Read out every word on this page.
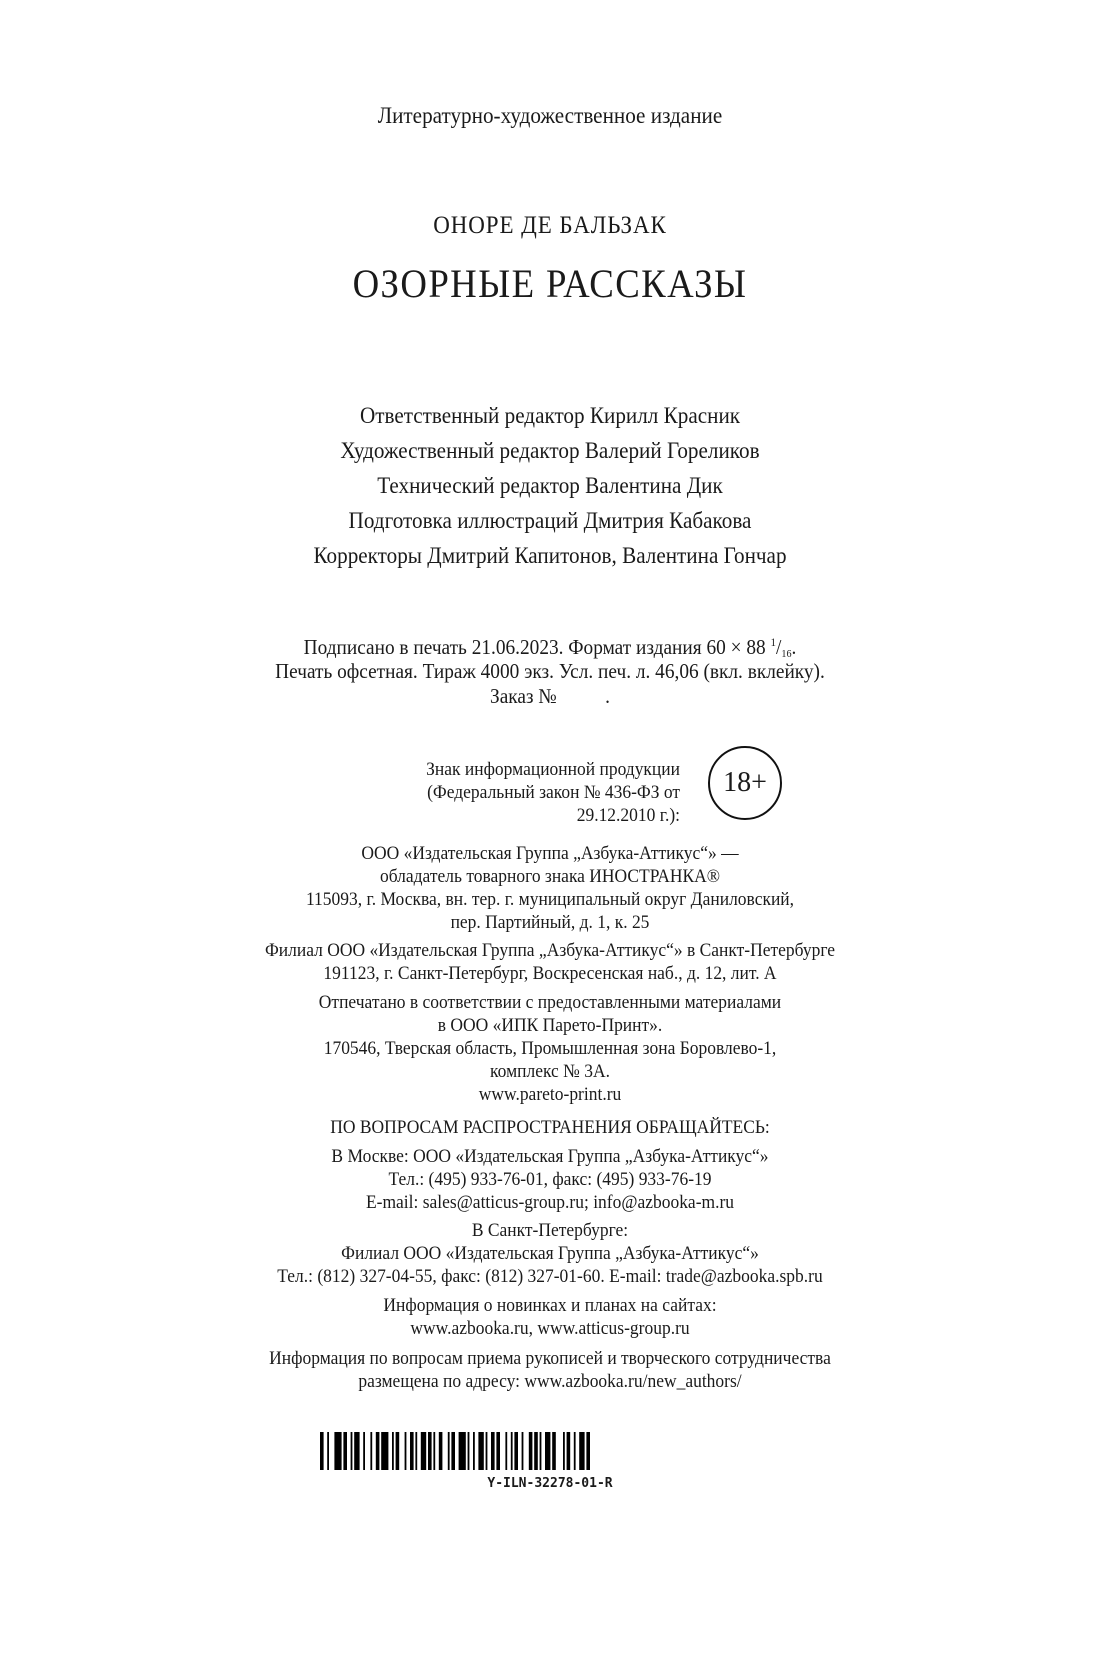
Литературно-художественное издание
ОНОРЕ ДЕ БАЛЬЗАК
ОЗОРНЫЕ РАССКАЗЫ
Ответственный редактор Кирилл Красник
Художественный редактор Валерий Гореликов
Технический редактор Валентина Дик
Подготовка иллюстраций Дмитрия Кабакова
Корректоры Дмитрий Капитонов, Валентина Гончар
Подписано в печать 21.06.2023. Формат издания 60 × 88 $^1/_{16}$.
Печать офсетная. Тираж 4000 экз. Усл. печ. л. 46,06 (вкл. вклейку).
Заказ №          .
Знак информационной продукции
(Федеральный закон № 436-ФЗ от 29.12.2010 г.):
18+
ООО «Издательская Группа „Азбука-Аттикус“» —
обладатель товарного знака ИНОСТРАНКА®
115093, г. Москва, вн. тер. г. муниципальный округ Даниловский,
пер. Партийный, д. 1, к. 25
Филиал ООО «Издательская Группа „Азбука-Аттикус“» в Санкт-Петербурге
191123, г. Санкт-Петербург, Воскресенская наб., д. 12, лит. А
Отпечатано в соответствии с предоставленными материалами
в ООО «ИПК Парето-Принт».
170546, Тверская область, Промышленная зона Боровлево-1,
комплекс № 3А.
www.pareto-print.ru
ПО ВОПРОСАМ РАСПРОСТРАНЕНИЯ ОБРАЩАЙТЕСЬ:
В Москве: ООО «Издательская Группа „Азбука-Аттикус“»
Тел.: (495) 933-76-01, факс: (495) 933-76-19
E-mail: sales@atticus-group.ru; info@azbooka-m.ru
В Санкт-Петербурге:
Филиал ООО «Издательская Группа „Азбука-Аттикус“»
Тел.: (812) 327-04-55, факс: (812) 327-01-60. E-mail: trade@azbooka.spb.ru
Информация о новинках и планах на сайтах:
www.azbooka.ru, www.atticus-group.ru
Информация по вопросам приема рукописей и творческого сотрудничества
размещена по адресу: www.azbooka.ru/new_authors/
Y-ILN-32278-01-R
